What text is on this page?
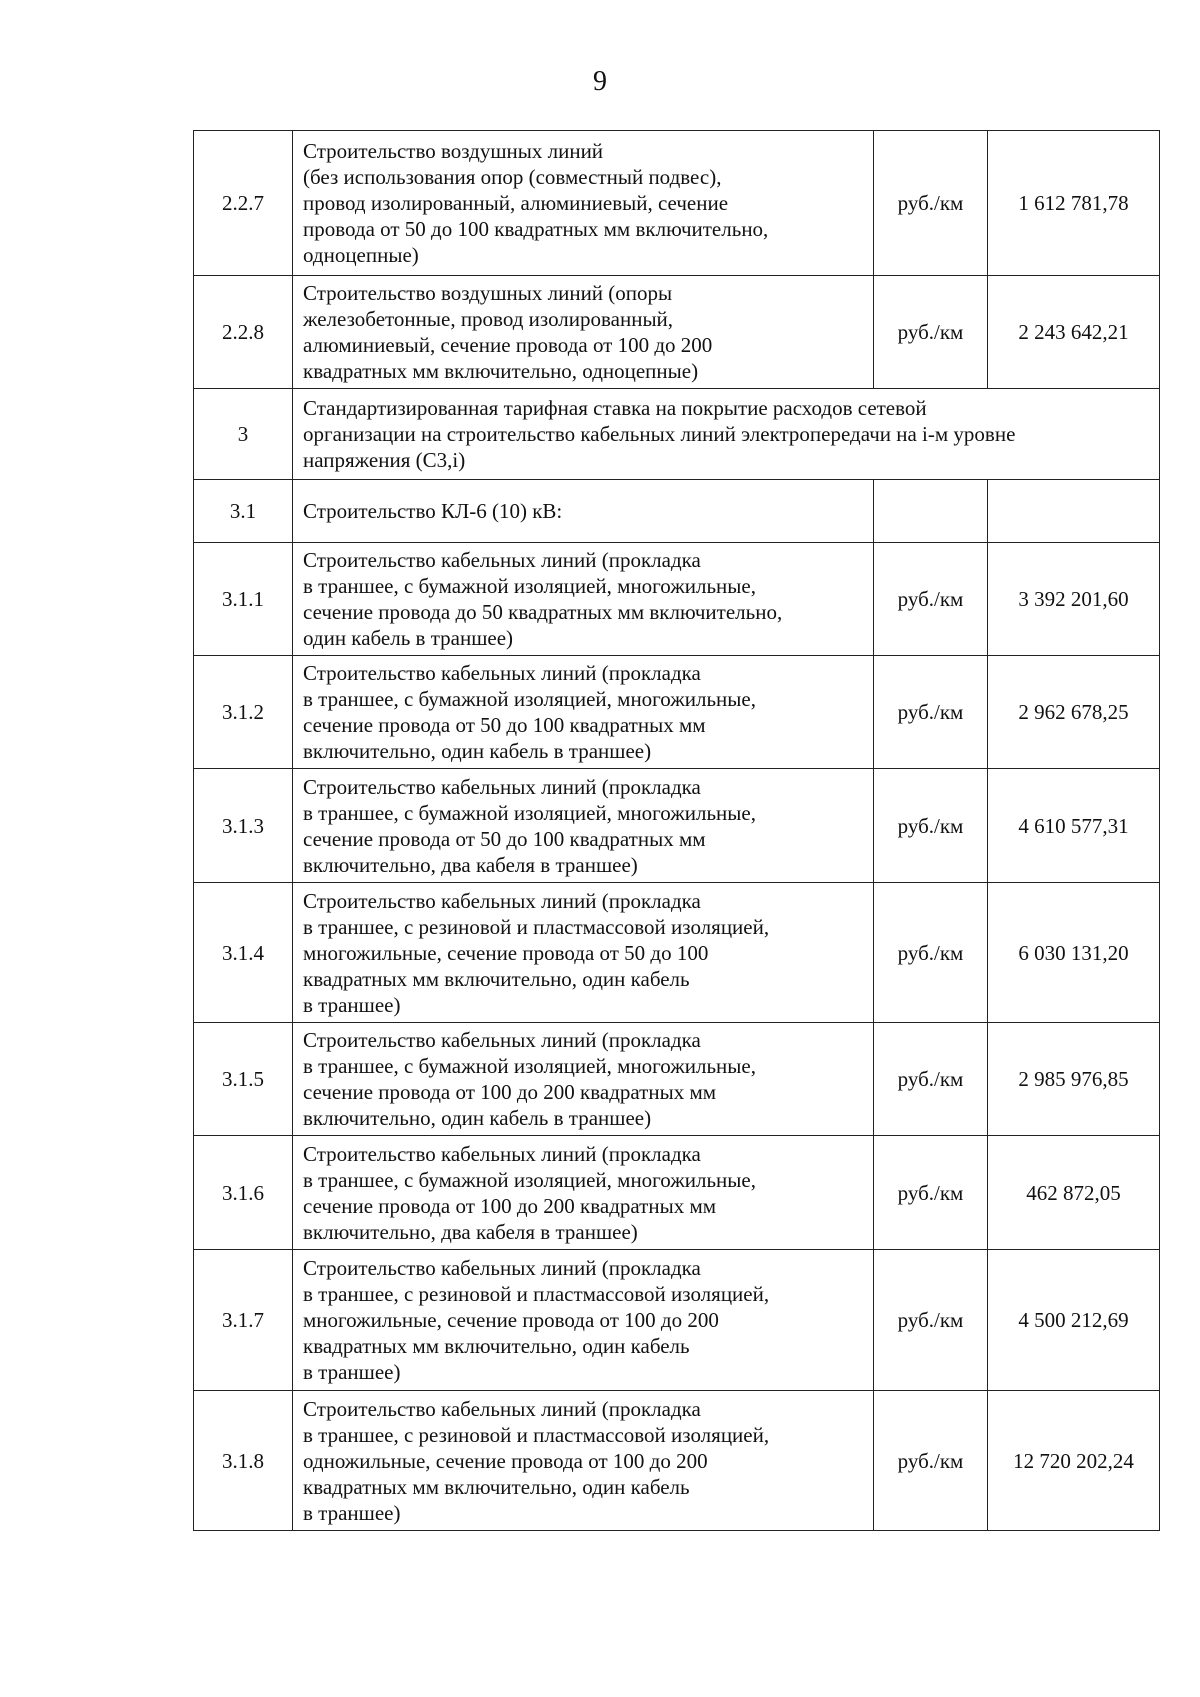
9
2.2.7	Строительство воздушных линий
(без использования опор (совместный подвес),
провод изолированный, алюминиевый, сечение
провода от 50 до 100 квадратных мм включительно,
одноцепные)	руб./км	1 612 781,78
2.2.8	Строительство воздушных линий (опоры
железобетонные, провод изолированный,
алюминиевый, сечение провода от 100 до 200
квадратных мм включительно, одноцепные)	руб./км	2 243 642,21
3	Стандартизированная тарифная ставка на покрытие расходов сетевой
организации на строительство кабельных линий электропередачи на i-м уровне
напряжения (С3,i)		

3.1	Строительство КЛ-6 (10) кВ:		

3.1.1	Строительство кабельных линий (прокладка
в траншее, с бумажной изоляцией, многожильные,
сечение провода до 50 квадратных мм включительно,
один кабель в траншее)	руб./км	3 392 201,60
3.1.2	Строительство кабельных линий (прокладка
в траншее, с бумажной изоляцией, многожильные,
сечение провода от 50 до 100 квадратных мм
включительно, один кабель в траншее)	руб./км	2 962 678,25
3.1.3	Строительство кабельных линий (прокладка
в траншее, с бумажной изоляцией, многожильные,
сечение провода от 50 до 100 квадратных мм
включительно, два кабеля в траншее)	руб./км	4 610 577,31
3.1.4	Строительство кабельных линий (прокладка
в траншее, с резиновой и пластмассовой изоляцией,
многожильные, сечение провода от 50 до 100
квадратных мм включительно, один кабель
в траншее)	руб./км	6 030 131,20
3.1.5	Строительство кабельных линий (прокладка
в траншее, с бумажной изоляцией, многожильные,
сечение провода от 100 до 200 квадратных мм
включительно, один кабель в траншее)	руб./км	2 985 976,85
3.1.6	Строительство кабельных линий (прокладка
в траншее, с бумажной изоляцией, многожильные,
сечение провода от 100 до 200 квадратных мм
включительно, два кабеля в траншее)	руб./км	462 872,05
3.1.7	Строительство кабельных линий (прокладка
в траншее, с резиновой и пластмассовой изоляцией,
многожильные, сечение провода от 100 до 200
квадратных мм включительно, один кабель
в траншее)	руб./км	4 500 212,69
3.1.8	Строительство кабельных линий (прокладка
в траншее, с резиновой и пластмассовой изоляцией,
одножильные, сечение провода от 100 до 200
квадратных мм включительно, один кабель
в траншее)	руб./км	12 720 202,24
